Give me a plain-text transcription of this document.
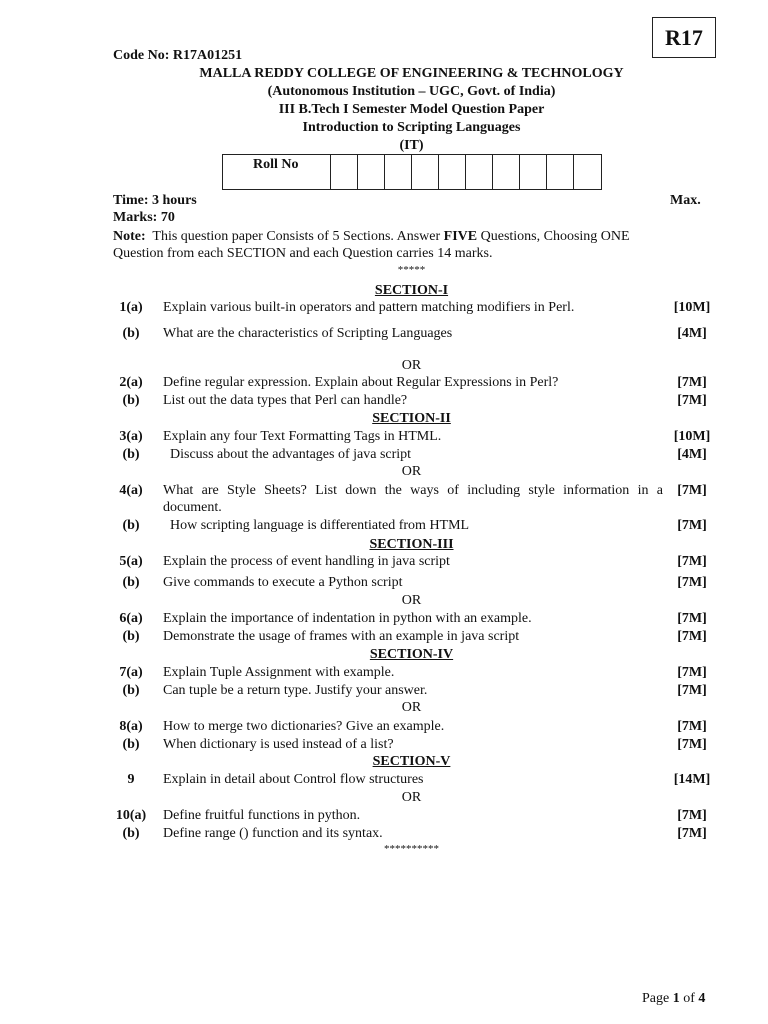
R17
Code No: R17A01251
MALLA REDDY COLLEGE OF ENGINEERING & TECHNOLOGY
(Autonomous Institution – UGC, Govt. of India)
III B.Tech I Semester Model Question Paper
Introduction to Scripting Languages
(IT)
Roll No
Time: 3 hours	Max.
Marks: 70
Note: This question paper Consists of 5 Sections. Answer FIVE Questions, Choosing ONE
Question from each SECTION and each Question carries 14 marks.
*****
SECTION-I
1(a)	Explain various built-in operators and pattern matching modifiers in Perl.	[10M]
(b)	What are the characteristics of Scripting Languages	[4M]
OR
2(a)	Define regular expression. Explain about Regular Expressions in Perl?	[7M]
(b)	List out the data types that Perl can handle?	[7M]
SECTION-II
3(a)	Explain any four Text Formatting Tags in HTML.	[10M]
(b)	Discuss about the advantages of java script	[4M]
OR
4(a)	What are Style Sheets? List down the ways of including style information in a
document.
[7M]
(b)	How scripting language is differentiated from HTML	[7M]
SECTION-III
5(a)	Explain the process of event handling in java script	[7M]
(b)	Give commands to execute a Python script	[7M]
OR
6(a)	Explain the importance of indentation in python with an example.	[7M]
(b)	Demonstrate the usage of frames with an example in java script	[7M]
SECTION-IV
7(a)	Explain Tuple Assignment with example.	[7M]
(b)	Can tuple be a return type. Justify your answer.	[7M]
OR
8(a)	How to merge two dictionaries? Give an example.	[7M]
(b)	When dictionary is used instead of a list?	[7M]
SECTION-V
9	Explain in detail about Control flow structures	[14M]
OR
10(a)	Define fruitful functions in python.	[7M]
(b)	Define range () function and its syntax.	[7M]
**********
Page 1 of 4
